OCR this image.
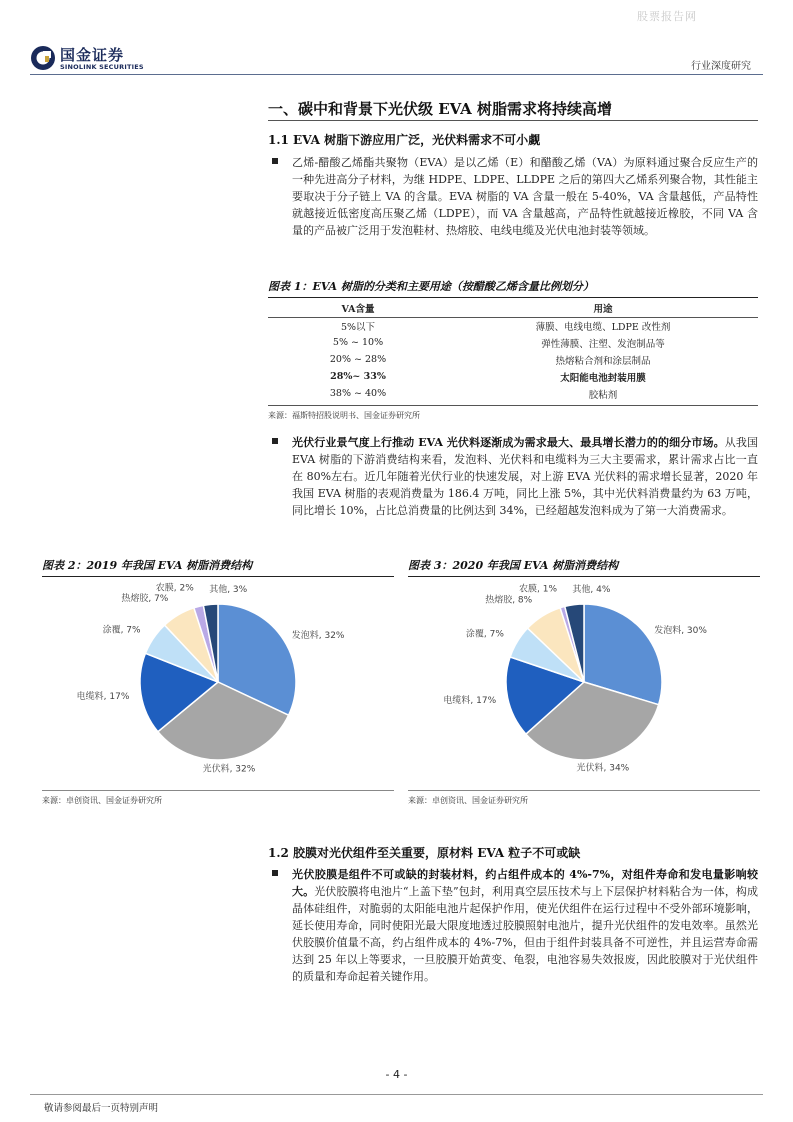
股票报告网
国金证券
SINOLINK SECURITIES	行业深度研究
一、碳中和背景下光伏级 EVA 树脂需求将持续高增
1.1 EVA 树脂下游应用广泛，光伏料需求不可小觑

乙烯-醋酸乙烯酯共聚物（EVA）是以乙烯（E）和醋酸乙烯（VA）为原料通过聚合反应生产的一种先进高分子材料，为继 HDPE、LDPE、LLDPE 之后的第四大乙烯系列聚合物，其性能主要取决于分子链上 VA 的含量。EVA 树脂的 VA 含量一般在 5-40%，VA 含量越低，产品特性就越接近低密度高压聚乙烯（LDPE），而 VA 含量越高，产品特性就越接近橡胶，不同 VA 含量的产品被广泛用于发泡鞋材、热熔胶、电线电缆及光伏电池封装等领域。

图表 1：EVA 树脂的分类和主要用途（按醋酸乙烯含量比例划分）
VA含量	用途
5%以下	薄膜、电线电缆、LDPE 改性剂
5% ~ 10%	弹性薄膜、注塑、发泡制品等
20% ~ 28%	热熔粘合剂和涂层制品
28%~ 33%	太阳能电池封装用膜
38% ~ 40%	胶粘剂
来源：福斯特招股说明书、国金证券研究所

光伏行业景气度上行推动 EVA 光伏料逐渐成为需求最大、最具增长潜力的的细分市场。从我国 EVA 树脂的下游消费结构来看，发泡料、光伏料和电缆料为三大主要需求，累计需求占比一直在 80%左右。近几年随着光伏行业的快速发展，对上游 EVA 光伏料的需求增长显著，2020 年我国 EVA 树脂的表观消费量为 186.4 万吨，同比上涨 5%，其中光伏料消费量约为 63 万吨，同比增长 10%，占比总消费量的比例达到 34%，已经超越发泡料成为了第一大消费需求。

图表 2：2019 年我国 EVA 树脂消费结构	图表 3：2020 年我国 EVA 树脂消费结构
发泡料, 32%
光伏料, 32%
电缆料, 17%
涂覆, 7%
热熔胶, 7%
农膜, 2% 其他, 3%
发泡料, 30%
光伏料, 34%
电缆料, 17%
涂覆, 7%
热熔胶, 8%
农膜, 1% 其他, 4%
来源：卓创资讯、国金证券研究所	来源：卓创资讯、国金证券研究所
1.2 胶膜对光伏组件至关重要，原材料 EVA 粒子不可或缺

光伏胶膜是组件不可或缺的封装材料，约占组件成本的 4%-7%，对组件寿命和发电量影响较大。光伏胶膜将电池片“上盖下垫”包封，利用真空层压技术与上下层保护材料粘合为一体，构成晶体硅组件，对脆弱的太阳能电池片起保护作用，使光伏组件在运行过程中不受外部环境影响，延长使用寿命，同时使阳光最大限度地透过胶膜照射电池片，提升光伏组件的发电效率。虽然光伏胶膜价值量不高，约占组件成本的 4%-7%，但由于组件封装具备不可逆性，并且运营寿命需达到 25 年以上等要求，一旦胶膜开始黄变、龟裂，电池容易失效报废，因此胶膜对于光伏组件的质量和寿命起着关键作用。

- 4 -
敬请参阅最后一页特别声明
